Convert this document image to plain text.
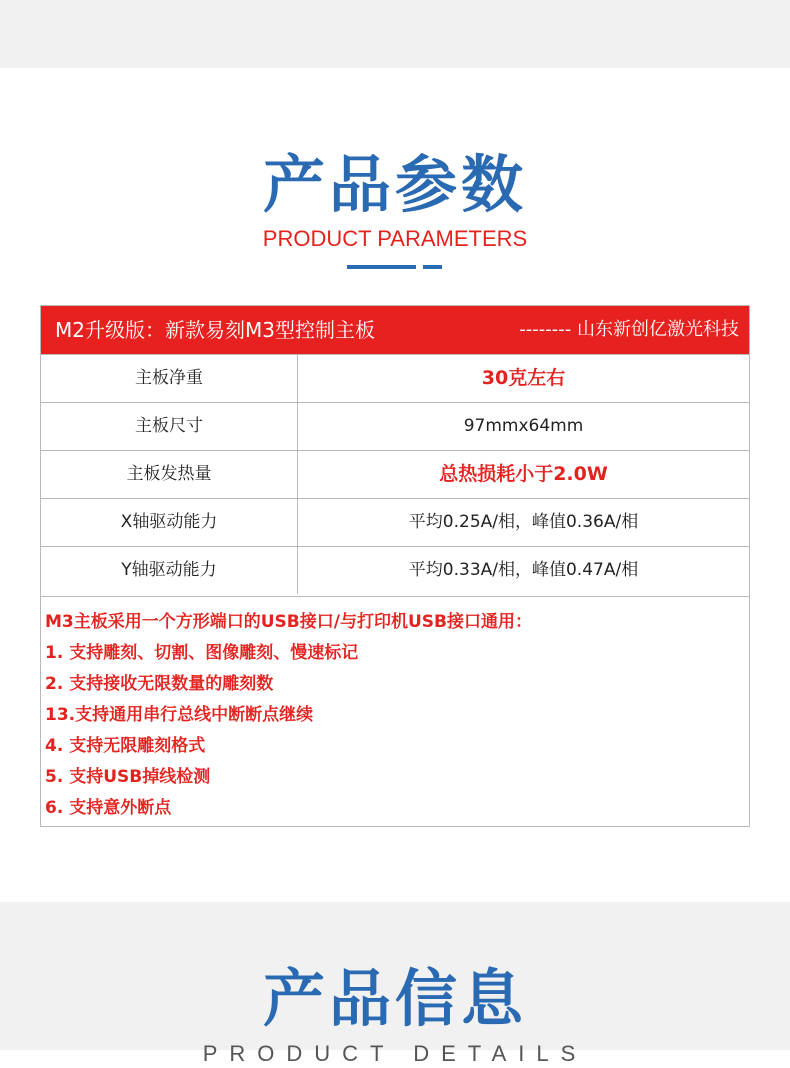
产品参数
PRODUCT PARAMETERS
M2升级版：新款易刻M3型控制主板	-------- 山东新创亿激光科技
主板净重	30克左右
主板尺寸	97mmx64mm
主板发热量	总热损耗小于2.0W
X轴驱动能力	平均0.25A/相，峰值0.36A/相
Y轴驱动能力	平均0.33A/相，峰值0.47A/相
M3主板采用一个方形端口的USB接口/与打印机USB接口通用：
1. 支持雕刻、切割、图像雕刻、慢速标记
2. 支持接收无限数量的雕刻数
13.支持通用串行总线中断断点继续
4. 支持无限雕刻格式
5. 支持USB掉线检测
6. 支持意外断点
产品信息
PRODUCT DETAILS
